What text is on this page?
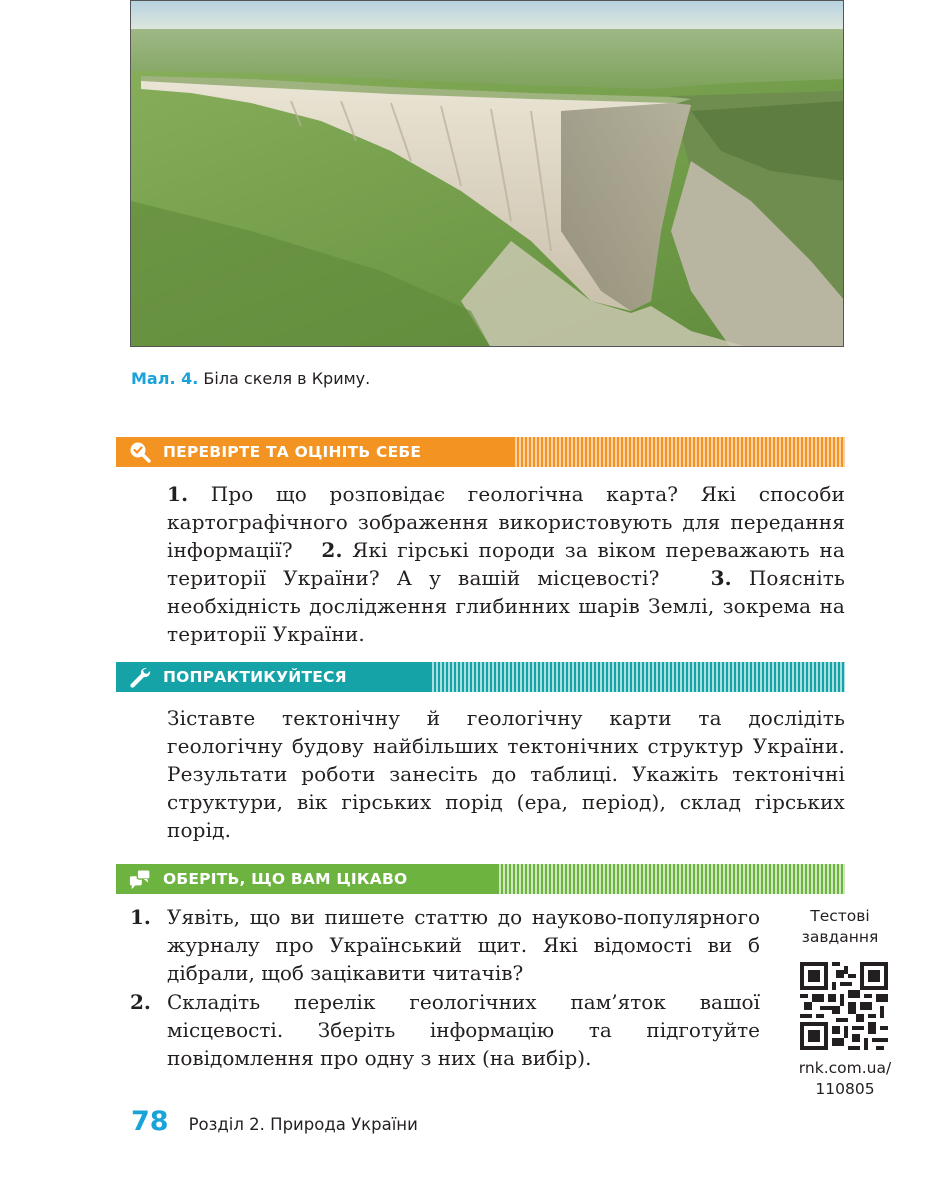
Мал. 4. Біла скеля в Криму.
ПЕРЕВІРТЕ ТА ОЦІНІТЬ СЕБЕ

1. Про що розповідає геологічна карта? Які способи картографічного зображення використовують для передання інформації? 2. Які гірські породи за віком переважають на території України? А у вашій місцевості?	3. Поясніть необхідність дослідження глибинних шарів Землі, зокрема на території України.

ПОПРАКТИКУЙТЕСЯ

Зіставте тектонічну й геологічну карти та дослідіть геологічну будову найбільших тектонічних структур України. Результати роботи занесіть до таблиці. Укажіть тектонічні структури, вік гірських порід (ера, період), склад гірських порід.

ОБЕРІТЬ, ЩО ВАМ ЦІКАВО
1. Уявіть, що ви пишете статтю до науково-популярного журналу про Український щит. Які відомості ви б дібрали, щоб зацікавити читачів?
2. Складіть перелік геологічних пам’яток вашої місцевості. Зберіть інформацію та підготуйте повідомлення про одну з них (на вибір).
Тестові
завдання
rnk.com.ua/
110805
78 Розділ 2. Природа України
